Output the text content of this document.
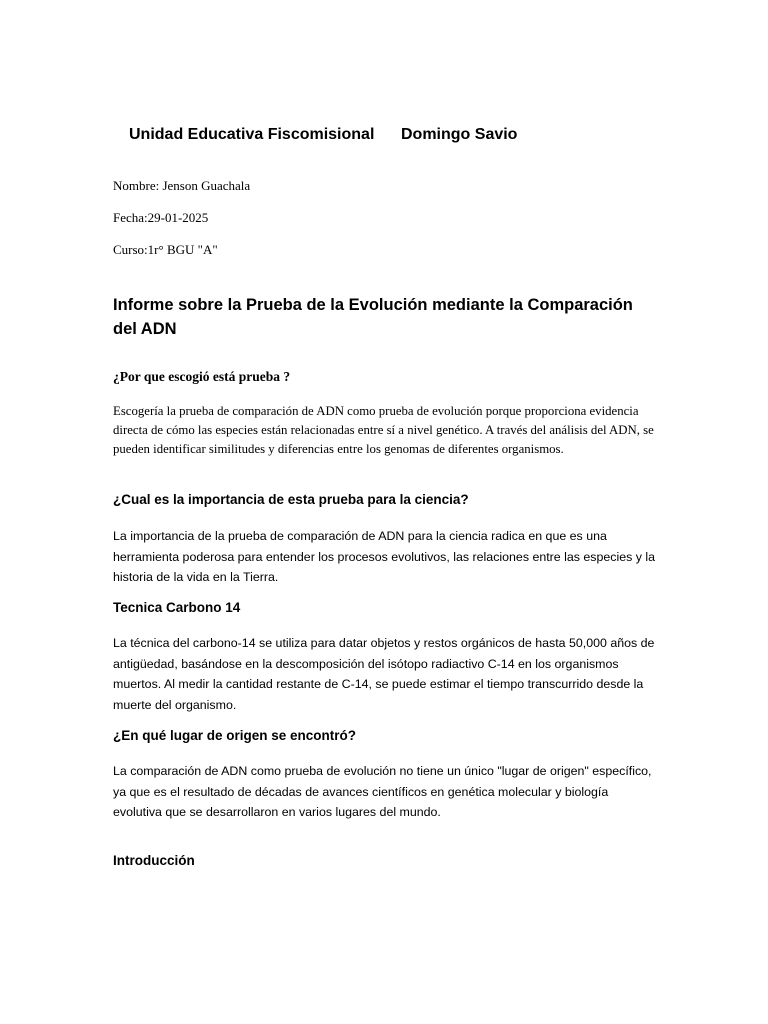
Unidad Educativa Fiscomisional Domingo Savio
Nombre: Jenson Guachala
Fecha:29-01-2025
Curso:1r° BGU "A"
Informe sobre la Prueba de la Evolución mediante la Comparación del ADN
¿Por que escogió está prueba ?
Escogería la prueba de comparación de ADN como prueba de evolución porque proporciona evidencia directa de cómo las especies están relacionadas entre sí a nivel genético. A través del análisis del ADN, se pueden identificar similitudes y diferencias entre los genomas de diferentes organismos.
¿Cual es la importancia de esta prueba para la ciencia?
La importancia de la prueba de comparación de ADN para la ciencia radica en que es una herramienta poderosa para entender los procesos evolutivos, las relaciones entre las especies y la historia de la vida en la Tierra.
Tecnica Carbono 14
La técnica del carbono-14 se utiliza para datar objetos y restos orgánicos de hasta 50,000 años de antigüedad, basándose en la descomposición del isótopo radiactivo C-14 en los organismos muertos. Al medir la cantidad restante de C-14, se puede estimar el tiempo transcurrido desde la muerte del organismo.
¿En qué lugar de origen se encontró?
La comparación de ADN como prueba de evolución no tiene un único "lugar de origen" específico, ya que es el resultado de décadas de avances científicos en genética molecular y biología evolutiva que se desarrollaron en varios lugares del mundo.
Introducción
